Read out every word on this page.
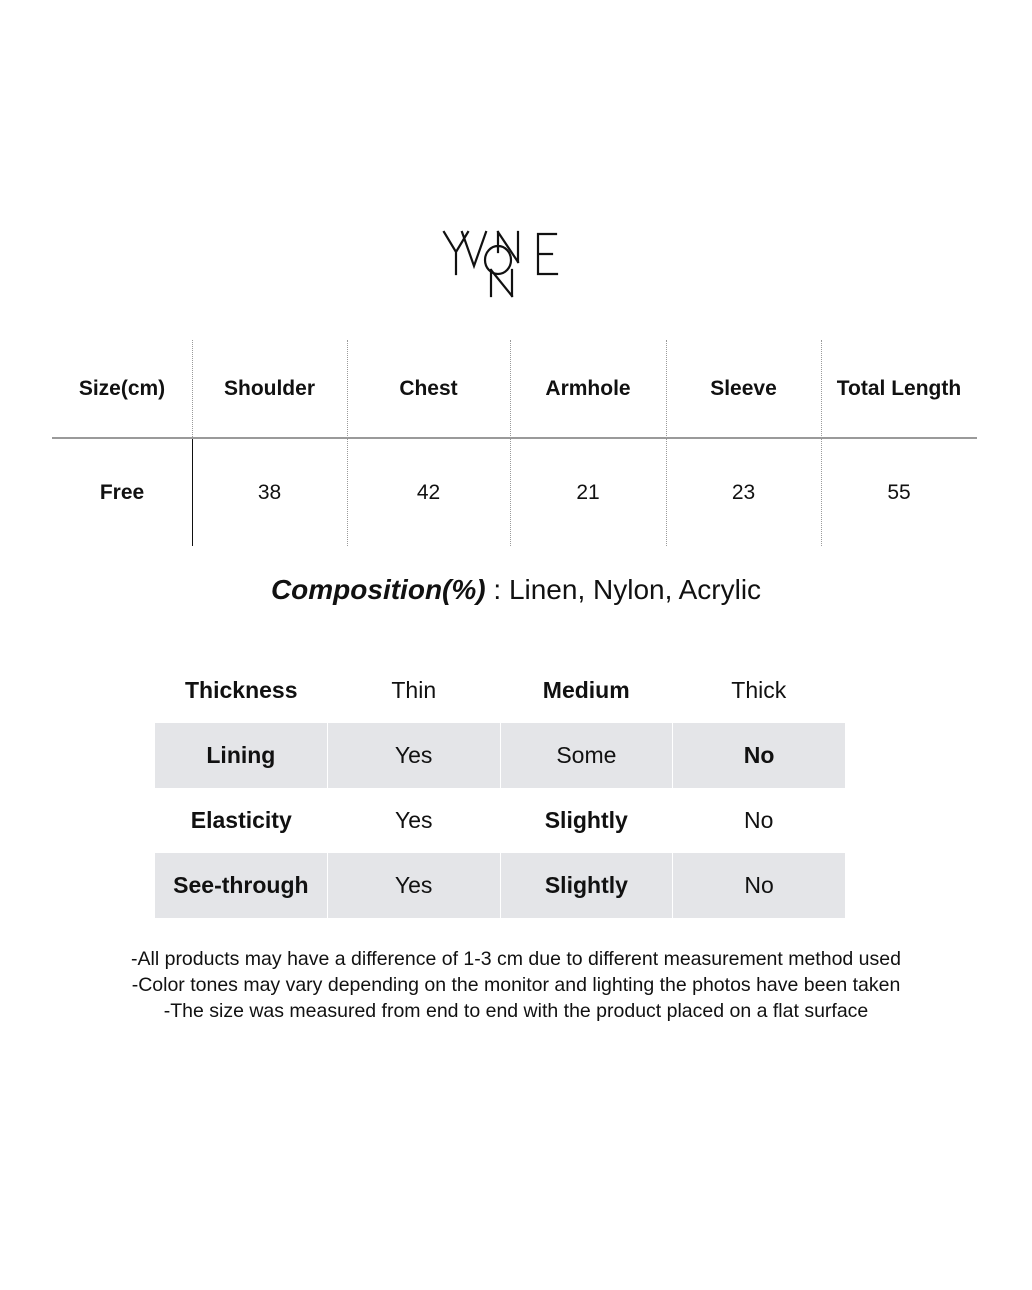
Size(cm)	Shoulder	Chest	Armhole	Sleeve	Total Length
Free	38	42	21	23	55
Composition(%) : Linen, Nylon, Acrylic
Thickness	Thin	Medium	Thick
Lining	Yes	Some	No
Elasticity	Yes	Slightly	No
See-through	Yes	Slightly	No
-All products may have a difference of 1-3 cm due to different measurement method used
-Color tones may vary depending on the monitor and lighting the photos have been taken
-The size was measured from end to end with the product placed on a flat surface
